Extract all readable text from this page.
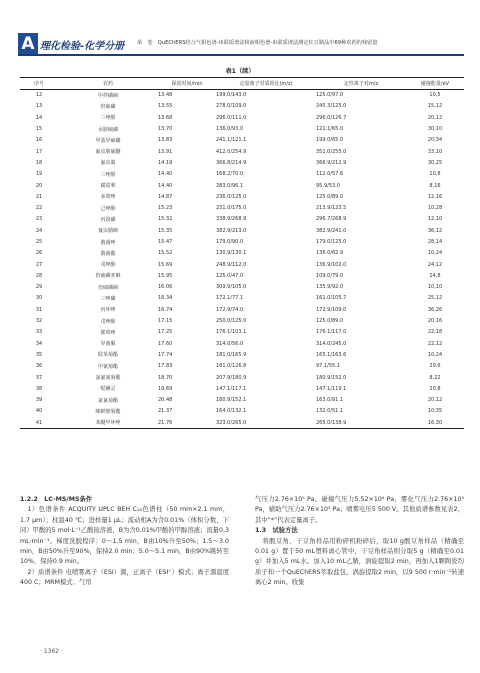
A 理化检验-化学分册 第　卷　QuEChERS结合气相色谱-串联质谱法和液相色谱-串联质谱法测定红豆制品中69种农药的残留量
表1（续）
序号	农药	保留时间/min	定量离子对质荷比(m/z)	定性离子对m/z	碰撞能量/eV
12	甲拌磷砜	13.48	199.0/143.0	125.0/97.0	10,5
13	倍硫磷	13.55	278.0/109.0	245.3/125.0	15,12
14	三唑醇	13.68	296.0/111.0	296.0/126.7	20,12
15	水胺硫磷	13.70	136.0/93.0	121.1/65.0	30,10
16	甲基异硫磷	13.83	241.1/121.1	199.0/65.0	20,34
17	氟虫腈硫醚	13.91	412.0/254.9	351.0/255.0	33,10
18	氟虫腈	14.19	366.8/214.9	366.9/212.9	30,25
19	三唑醇	14.40	168.2/70.0	112.0/57.6	10,8
20	腐霉利	14.40	283.0/96.1	95.9/53.0	8,16
21	多效唑	14.87	236.0/125.0	125.0/89.0	12,16
22	己唑醇	15.23	231.0/175.0	213.9/123.5	10,28
23	丙溴磷	15.32	338.9/268.9	296.7/268.9	12,10
24	氟虫腈砜	15.35	382.9/213.0	382.9/241.0	36,12
25	腈菌唑	15.47	179.0/90.0	179.0/125.0	28,14
26	腈菌酯	15.52	130.9/130.1	136.0/62.9	10,24
27	戊唑醇	15.69	248.9/112.0	136.9/102.0	24,12
28	倍硫磷亚砜	15.95	125.0/47.0	109.0/79.0	14,8
29	倍硫磷砜	16.06	309.9/105.0	135.9/92.0	10,10
30	三唑磷	16.34	172.1/77.1	161.0/105.7	25,12
31	丙环唑	16.74	172.9/74.0	172.9/109.0	36,26
32	戊唑醇	17.15	250.0/125.0	125.0/89.0	20,16
33	烯效唑	17.25	176.1/103.1	176.1/117.0	22,18
34	异菌脲	17.60	314.0/56.0	314.0/245.0	22,12
35	联苯菊酯	17.74	181.0/165.9	165.1/163.6	10,24
36	甲氰菊酯	17.83	181.0/126.8	97.1/55.1	29,6
37	氯氟氰菊酯	18.70	207.9/180.9	180.9/152.0	8,22
38	哒螨灵	19.69	147.1/117.1	147.1/119.1	20,8
39	氯氰菊酯	20.48	180.9/152.1	163.0/91.1	20,12
40	咪鲜胺菊酯	21.37	164.0/132.1	132.0/51.1	10,35
41	苯醚甲环唑	21.76	323.0/265.0	265.0/138.9	16,30

1.2.2　LC-MS/MS条件

1）色谱条件 ACQUITY UPLC BEH C₁₈色谱柱（50 mm×2.1 mm，1.7 μm）；柱温40 ℃；进样量1 μL；流动相A为含0.01%（体积分数，下同）甲酸的5 mol·L⁻¹乙酸铵溶液，B为含0.01%甲酸的甲醇溶液；流量0.3 mL·min⁻¹。梯度洗脱程序：0～1.5 min，B由10%升至50%；1.5～3.0 min，B由50%升至90%，保持2.0 min；5.0～5.1 min，B由90%跳转至10%，保持0.9 min。

2）质谱条件 电喷雾离子（ESI）源，正离子（ESI⁺）模式；离子源温度400 C；MRM模式；气帘

气压力2.76×10⁵ Pa，碰撞气压力5.52×10⁴ Pa，雾化气压力2.76×10⁵ Pa，辅助气压力2.76×10⁵ Pa；喷雾电压5 500 V。其他质谱参数见表2，其中“*”代表定量离子。

1.3　试验方法

将酸豆角、干豆角样品用粉碎机粉碎后，取10 g酸豆角样品（精确至0.01 g）置于50 mL塑料离心管中，干豆角样品则分取5 g（精确至0.01 g）并加入5 mL水。加入10 mL乙腈，涡旋提取2 min，再加入1颗陶瓷均质子和一个QuEChERS萃取盐包，涡旋提取2 min，以9 500 r·min⁻¹转速离心2 min。收集

· 1362 ·
